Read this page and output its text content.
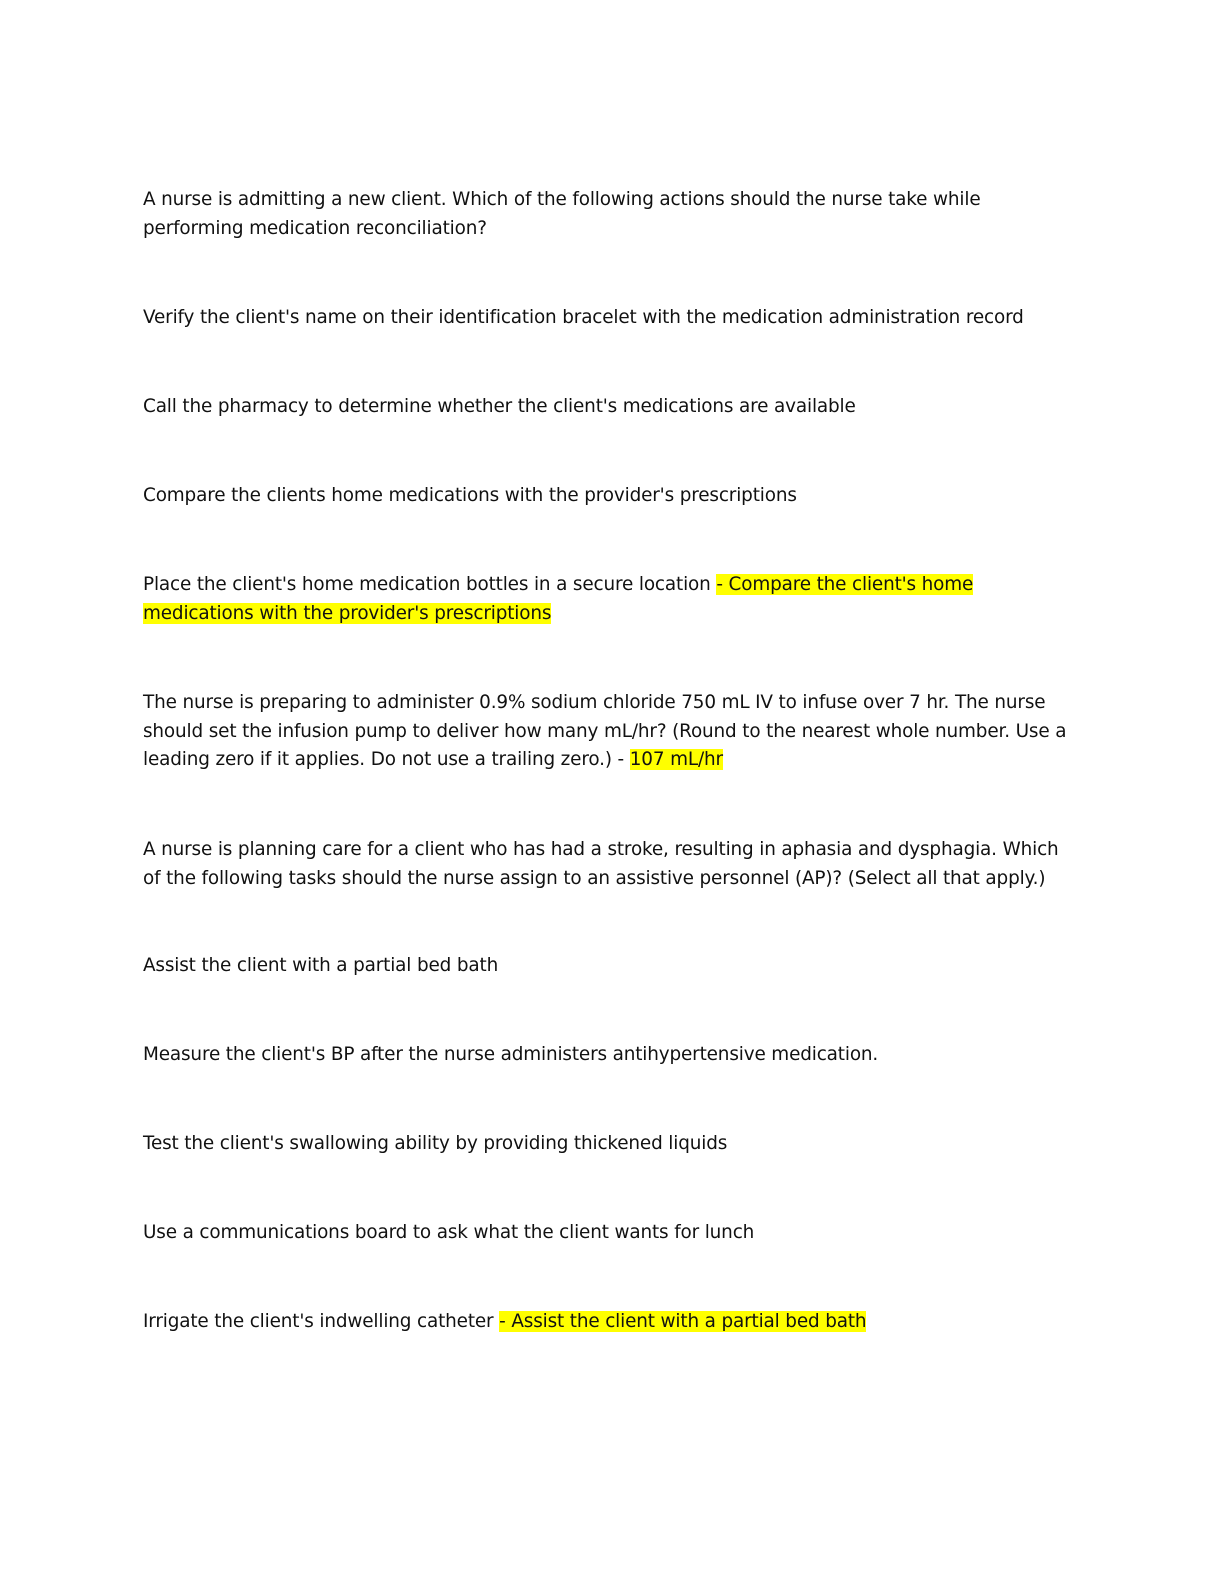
A nurse is admitting a new client. Which of the following actions should the nurse take while performing medication reconciliation?

Verify the client's name on their identification bracelet with the medication administration record

Call the pharmacy to determine whether the client's medications are available

Compare the clients home medications with the provider's prescriptions

Place the client's home medication bottles in a secure location - Compare the client's home medications with the provider's prescriptions

The nurse is preparing to administer 0.9% sodium chloride 750 mL IV to infuse over 7 hr. The nurse should set the infusion pump to deliver how many mL/hr? (Round to the nearest whole number. Use a leading zero if it applies. Do not use a trailing zero.) - 107 mL/hr

A nurse is planning care for a client who has had a stroke, resulting in aphasia and dysphagia. Which of the following tasks should the nurse assign to an assistive personnel (AP)? (Select all that apply.)

Assist the client with a partial bed bath

Measure the client's BP after the nurse administers antihypertensive medication.

Test the client's swallowing ability by providing thickened liquids

Use a communications board to ask what the client wants for lunch

Irrigate the client's indwelling catheter - Assist the client with a partial bed bath
